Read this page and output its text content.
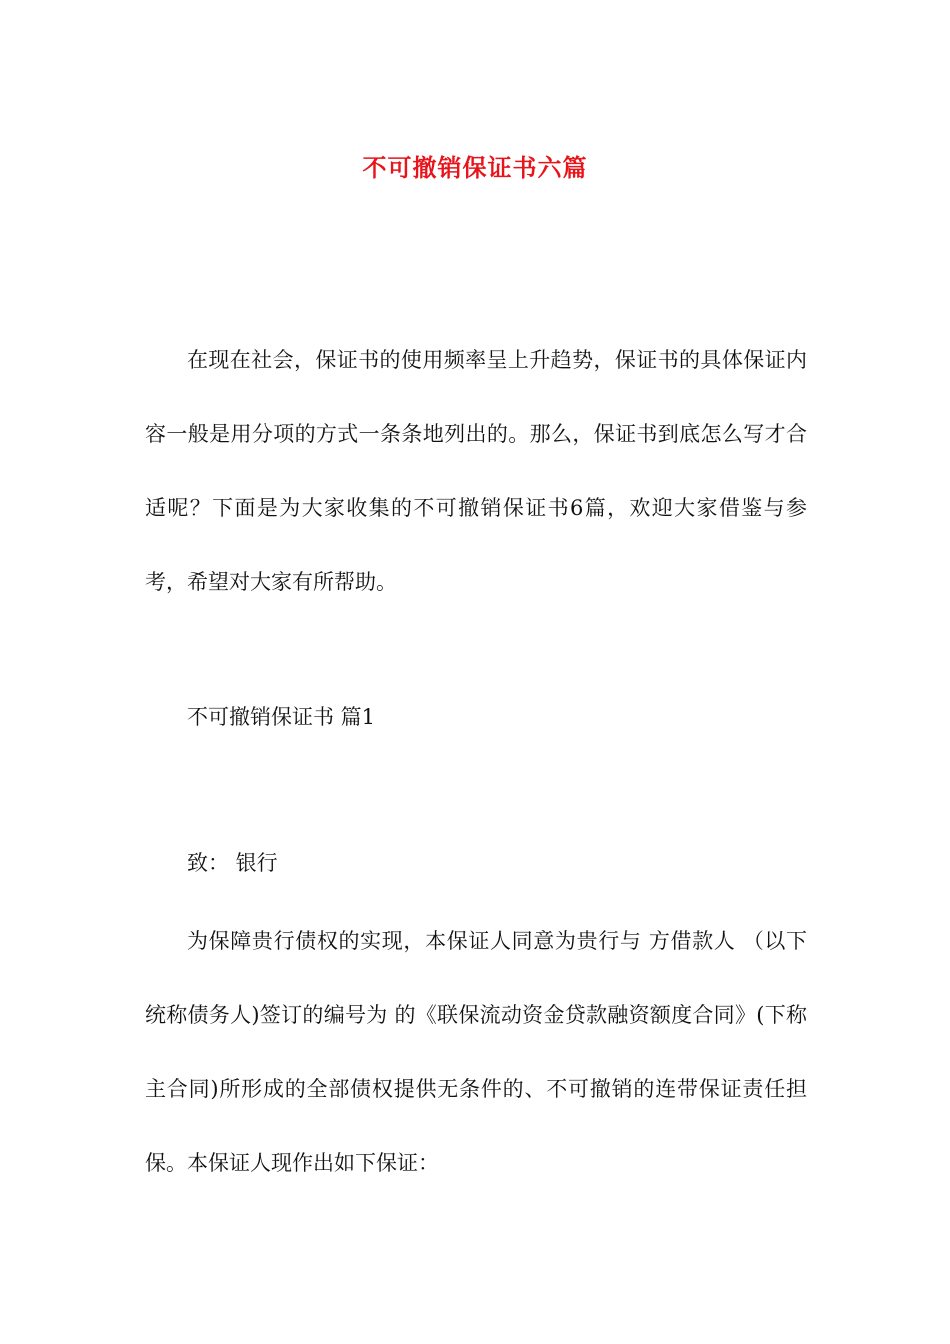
不可撤销保证书六篇

在现在社会，保证书的使用频率呈上升趋势，保证书的具体保证内容一般是用分项的方式一条条地列出的。那么，保证书到底怎么写才合适呢？下面是为大家收集的不可撤销保证书6篇，欢迎大家借鉴与参考，希望对大家有所帮助。

不可撤销保证书 篇1

致： 银行

为保障贵行债权的实现，本保证人同意为贵行与 方借款人 （以下统称债务人)签订的编号为 的《联保流动资金贷款融资额度合同》(下称主合同)所形成的全部债权提供无条件的、不可撤销的连带保证责任担保。本保证人现作出如下保证：
